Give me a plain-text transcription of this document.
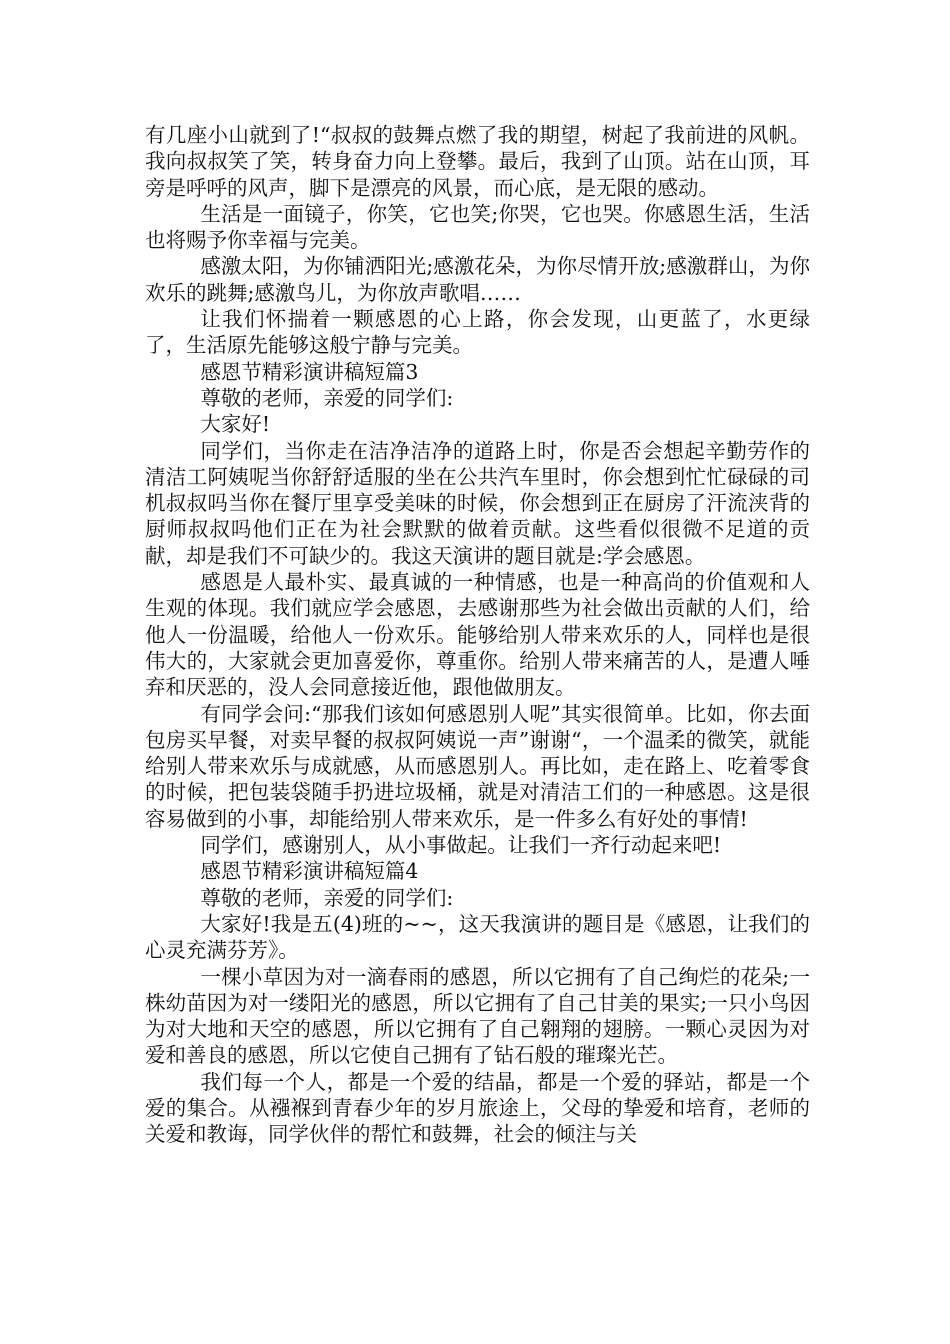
有几座小山就到了!“叔叔的鼓舞点燃了我的期望，树起了我前进的风帆。我向叔叔笑了笑，转身奋力向上登攀。最后，我到了山顶。站在山顶，耳旁是呼呼的风声，脚下是漂亮的风景，而心底，是无限的感动。

生活是一面镜子，你笑，它也笑;你哭，它也哭。你感恩生活，生活也将赐予你幸福与完美。

感激太阳，为你铺洒阳光;感激花朵，为你尽情开放;感激群山，为你欢乐的跳舞;感激鸟儿，为你放声歌唱……

让我们怀揣着一颗感恩的心上路，你会发现，山更蓝了，水更绿了，生活原先能够这般宁静与完美。

感恩节精彩演讲稿短篇3

尊敬的老师，亲爱的同学们:

大家好!

同学们，当你走在洁净洁净的道路上时，你是否会想起辛勤劳作的清洁工阿姨呢当你舒舒适服的坐在公共汽车里时，你会想到忙忙碌碌的司机叔叔吗当你在餐厅里享受美味的时候，你会想到正在厨房了汗流浃背的厨师叔叔吗他们正在为社会默默的做着贡献。这些看似很微不足道的贡献，却是我们不可缺少的。我这天演讲的题目就是:学会感恩。

感恩是人最朴实、最真诚的一种情感，也是一种高尚的价值观和人生观的体现。我们就应学会感恩，去感谢那些为社会做出贡献的人们，给他人一份温暖，给他人一份欢乐。能够给别人带来欢乐的人，同样也是很伟大的，大家就会更加喜爱你，尊重你。给别人带来痛苦的人，是遭人唾弃和厌恶的，没人会同意接近他，跟他做朋友。

有同学会问:“那我们该如何感恩别人呢”其实很简单。比如，你去面包房买早餐，对卖早餐的叔叔阿姨说一声”谢谢“，一个温柔的微笑，就能给别人带来欢乐与成就感，从而感恩别人。再比如，走在路上、吃着零食的时候，把包装袋随手扔进垃圾桶，就是对清洁工们的一种感恩。这是很容易做到的小事，却能给别人带来欢乐，是一件多么有好处的事情!

同学们，感谢别人，从小事做起。让我们一齐行动起来吧!

感恩节精彩演讲稿短篇4

尊敬的老师，亲爱的同学们:

大家好!我是五(4)班的~~，这天我演讲的题目是《感恩，让我们的心灵充满芬芳》。

一棵小草因为对一滴春雨的感恩，所以它拥有了自己绚烂的花朵;一株幼苗因为对一缕阳光的感恩，所以它拥有了自己甘美的果实;一只小鸟因为对大地和天空的感恩，所以它拥有了自己翱翔的翅膀。一颗心灵因为对爱和善良的感恩，所以它使自己拥有了钻石般的璀璨光芒。

我们每一个人，都是一个爱的结晶，都是一个爱的驿站，都是一个爱的集合。从襁褓到青春少年的岁月旅途上，父母的挚爱和培育，老师的关爱和教诲，同学伙伴的帮忙和鼓舞，社会的倾注与关
